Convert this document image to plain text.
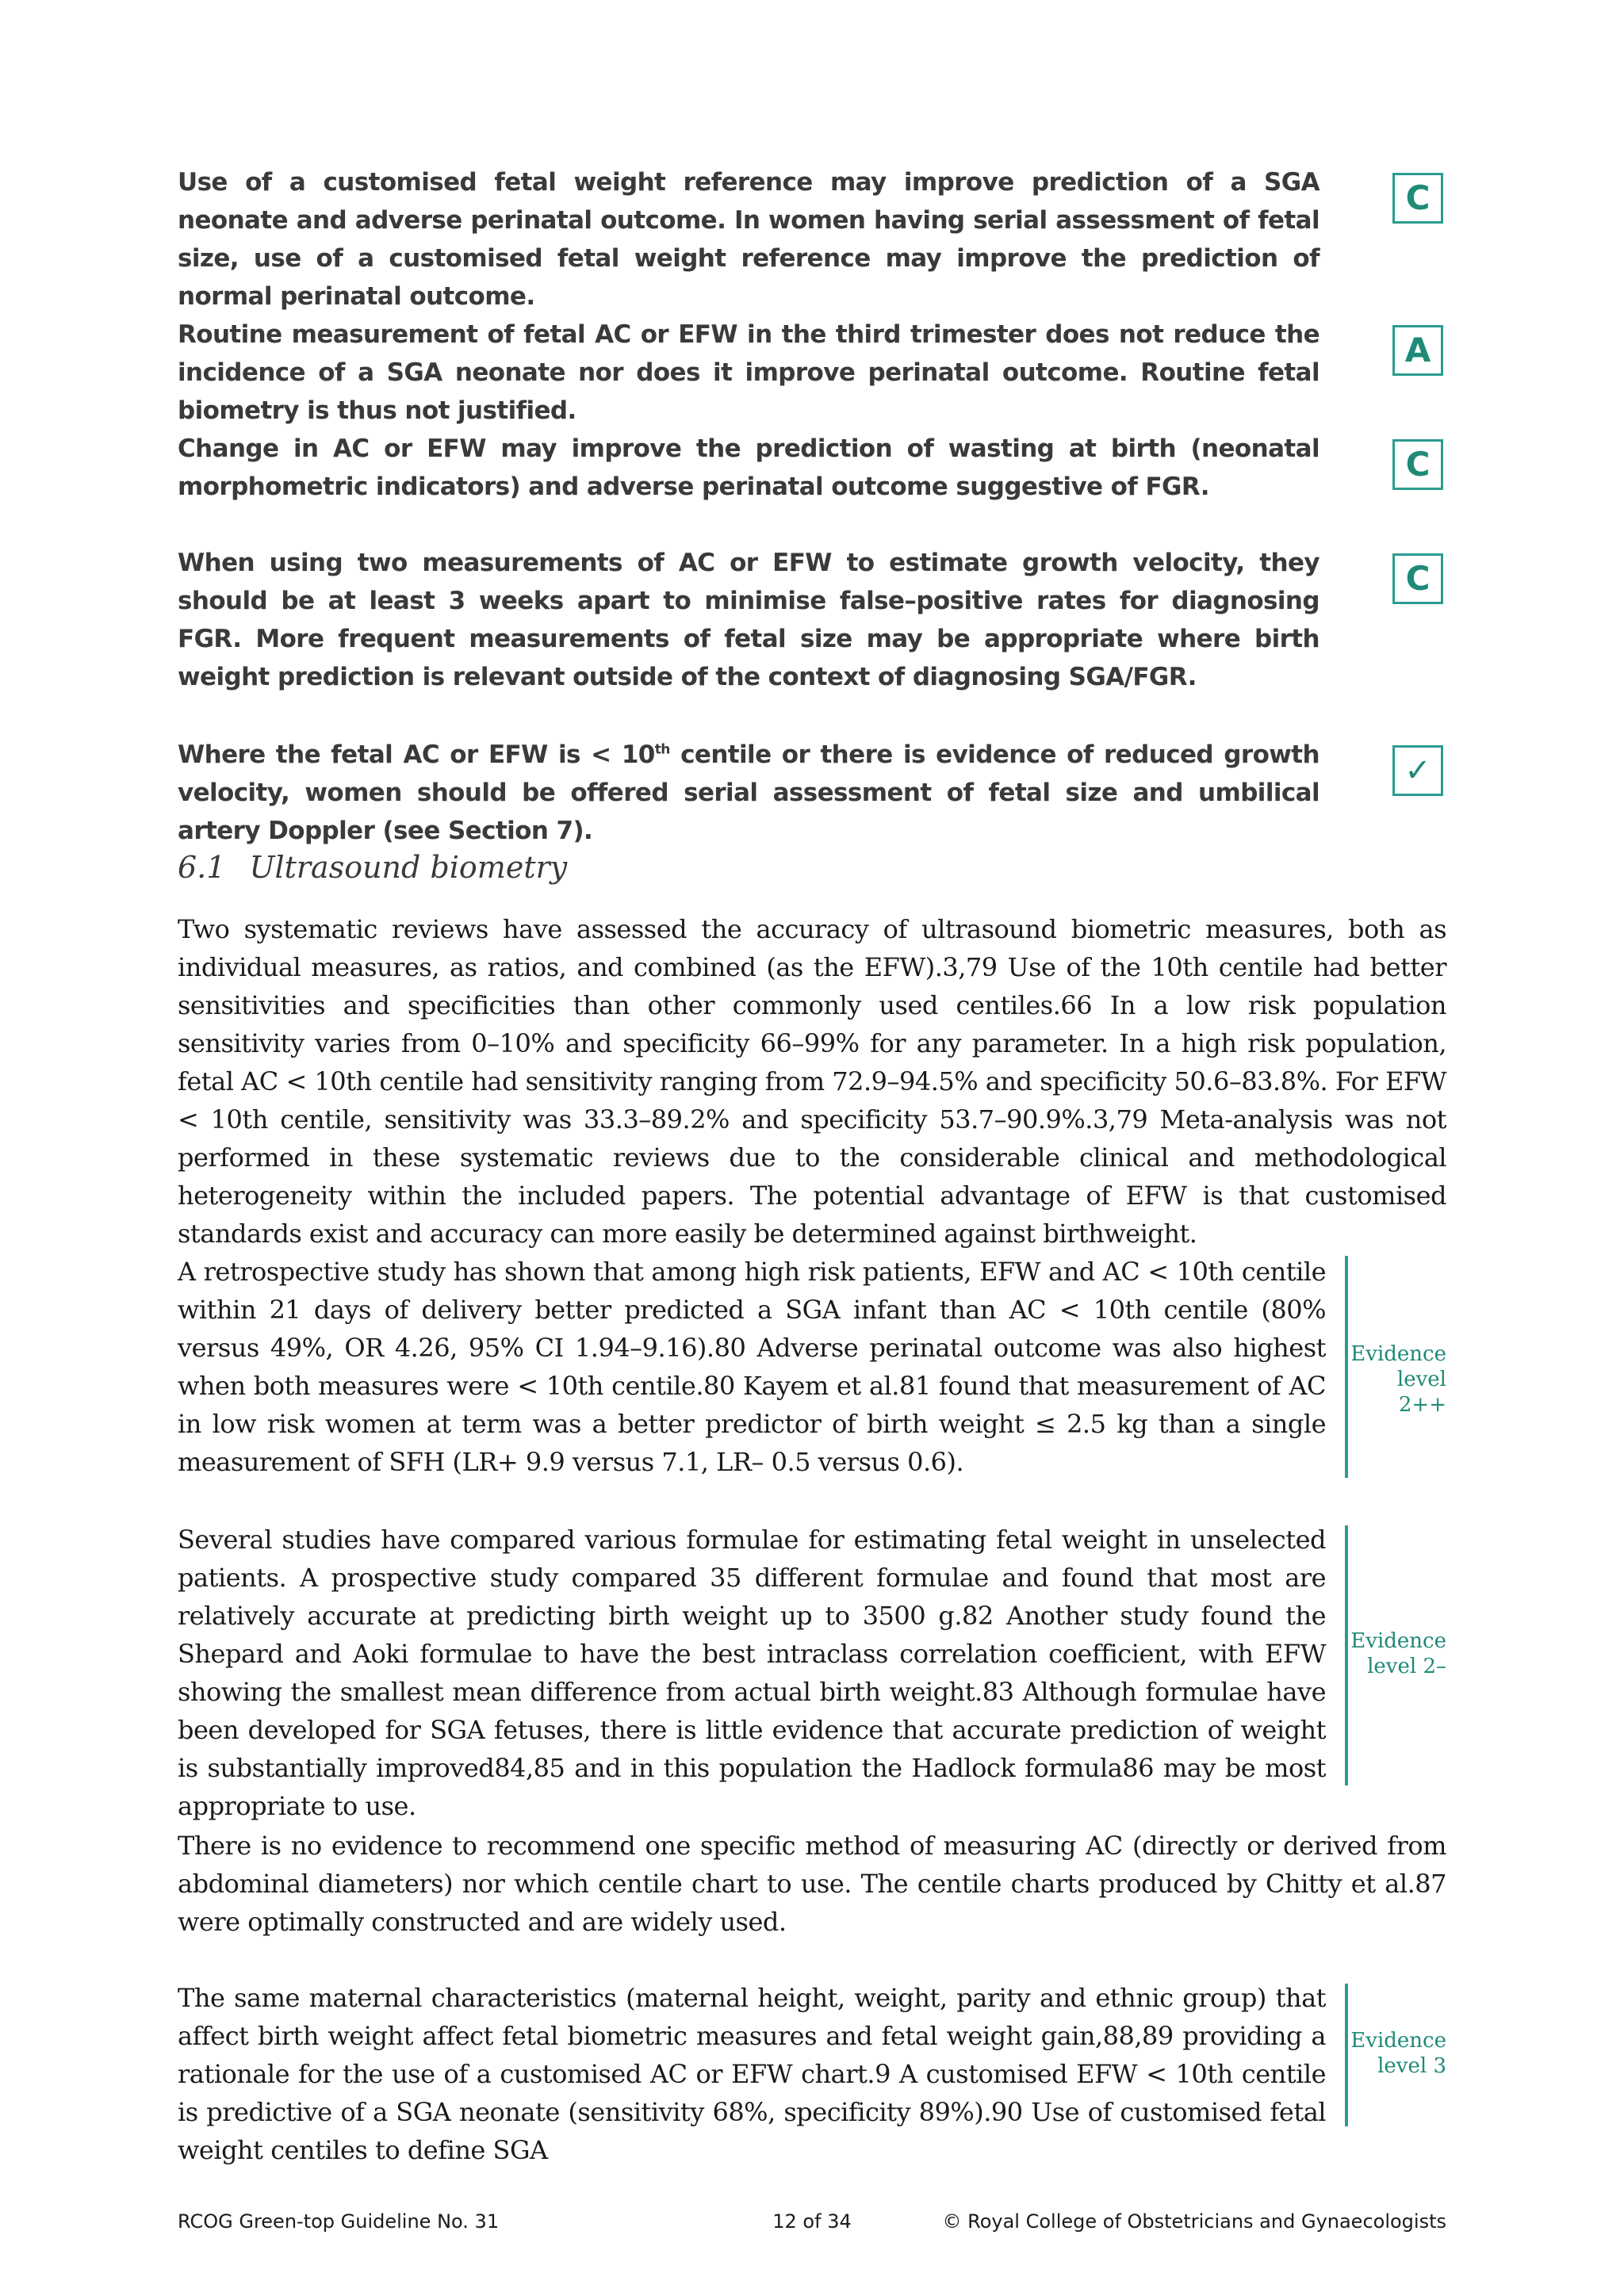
Use of a customised fetal weight reference may improve prediction of a SGA neonate and adverse perinatal outcome. In women having serial assessment of fetal size, use of a customised fetal weight reference may improve the prediction of normal perinatal outcome.
C
Routine measurement of fetal AC or EFW in the third trimester does not reduce the incidence of a SGA neonate nor does it improve perinatal outcome. Routine fetal biometry is thus not justified.
A
Change in AC or EFW may improve the prediction of wasting at birth (neonatal morphometric indicators) and adverse perinatal outcome suggestive of FGR.
C
When using two measurements of AC or EFW to estimate growth velocity, they should be at least 3 weeks apart to minimise false–positive rates for diagnosing FGR. More frequent measurements of fetal size may be appropriate where birth weight prediction is relevant outside of the context of diagnosing SGA/FGR.
C
Where the fetal AC or EFW is < 10th centile or there is evidence of reduced growth velocity, women should be offered serial assessment of fetal size and umbilical artery Doppler (see Section 7).
✓
6.1 Ultrasound biometry
Two systematic reviews have assessed the accuracy of ultrasound biometric measures, both as individual measures, as ratios, and combined (as the EFW).3,79 Use of the 10th centile had better sensitivities and specificities than other commonly used centiles.66 In a low risk population sensitivity varies from 0–10% and specificity 66–99% for any parameter. In a high risk population, fetal AC < 10th centile had sensitivity ranging from 72.9–94.5% and specificity 50.6–83.8%. For EFW < 10th centile, sensitivity was 33.3–89.2% and specificity 53.7–90.9%.3,79 Meta-analysis was not performed in these systematic reviews due to the considerable clinical and methodological heterogeneity within the included papers. The potential advantage of EFW is that customised standards exist and accuracy can more easily be determined against birthweight.
A retrospective study has shown that among high risk patients, EFW and AC < 10th centile within 21 days of delivery better predicted a SGA infant than AC < 10th centile (80% versus 49%, OR 4.26, 95% CI 1.94–9.16).80 Adverse perinatal outcome was also highest when both measures were < 10th centile.80 Kayem et al.81 found that measurement of AC in low risk women at term was a better predictor of birth weight ≤ 2.5 kg than a single measurement of SFH (LR+ 9.9 versus 7.1, LR– 0.5 versus 0.6).
Evidence
level 2++
Several studies have compared various formulae for estimating fetal weight in unselected patients. A prospective study compared 35 different formulae and found that most are relatively accurate at predicting birth weight up to 3500 g.82 Another study found the Shepard and Aoki formulae to have the best intraclass correlation coefficient, with EFW showing the smallest mean difference from actual birth weight.83 Although formulae have been developed for SGA fetuses, there is little evidence that accurate prediction of weight is substantially improved84,85 and in this population the Hadlock formula86 may be most appropriate to use.
Evidence
level 2–
There is no evidence to recommend one specific method of measuring AC (directly or derived from abdominal diameters) nor which centile chart to use. The centile charts produced by Chitty et al.87 were optimally constructed and are widely used.
The same maternal characteristics (maternal height, weight, parity and ethnic group) that affect birth weight affect fetal biometric measures and fetal weight gain,88,89 providing a rationale for the use of a customised AC or EFW chart.9 A customised EFW < 10th centile is predictive of a SGA neonate (sensitivity 68%, specificity 89%).90 Use of customised fetal weight centiles to define SGA
Evidence
level 3
RCOG Green-top Guideline No. 31	12 of 34	© Royal College of Obstetricians and Gynaecologists
